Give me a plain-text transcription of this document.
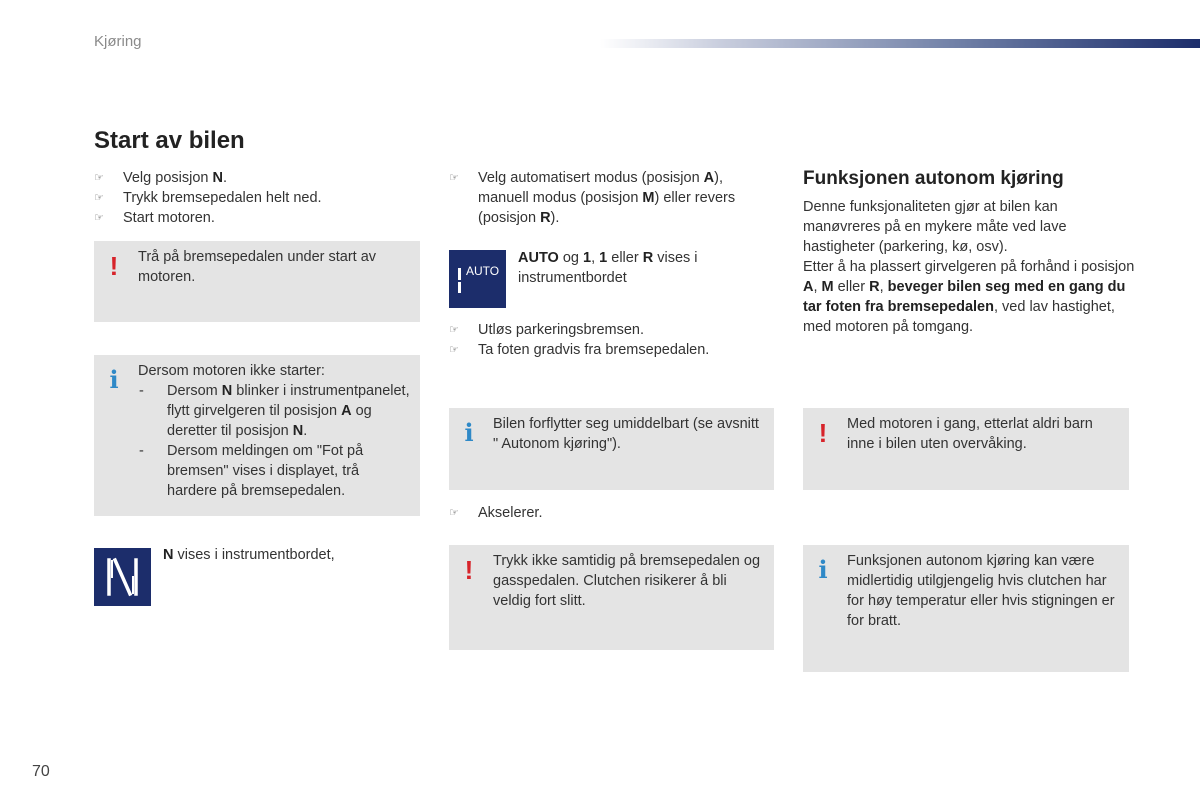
Kjøring
70
Start av bilen
☞ Velg posisjon N.
☞ Trykk bremsepedalen helt ned.
☞ Start motoren.
! Trå på bremsepedalen under start av motoren.
i Dersom motoren ikke starter:
- Dersom N blinker i instrumentpanelet, flytt girvelgeren til posisjon A og deretter til posisjon N.
- Dersom meldingen om "Fot på bremsen" vises i displayet, trå hardere på bremsepedalen.
N vises i instrumentbordet,
☞ Velg automatisert modus (posisjon A), manuell modus (posisjon M) eller revers (posisjon R).
AUTO
AUTO og 1, 1 eller R vises i instrumentbordet
☞ Utløs parkeringsbremsen.
☞ Ta foten gradvis fra bremsepedalen.
i Bilen forflytter seg umiddelbart (se avsnitt " Autonom kjøring").
☞ Akselerer.
! Trykk ikke samtidig på bremsepedalen og gasspedalen. Clutchen risikerer å bli veldig fort slitt.
Funksjonen autonom kjøring
Denne funksjonaliteten gjør at bilen kan manøvreres på en mykere måte ved lave hastigheter (parkering, kø, osv).
Etter å ha plassert girvelgeren på forhånd i posisjon A, M eller R, beveger bilen seg med en gang du tar foten fra bremsepedalen, ved lav hastighet, med motoren på tomgang.
! Med motoren i gang, etterlat aldri barn inne i bilen uten overvåking.
i Funksjonen autonom kjøring kan være midlertidig utilgjengelig hvis clutchen har for høy temperatur eller hvis stigningen er for bratt.
